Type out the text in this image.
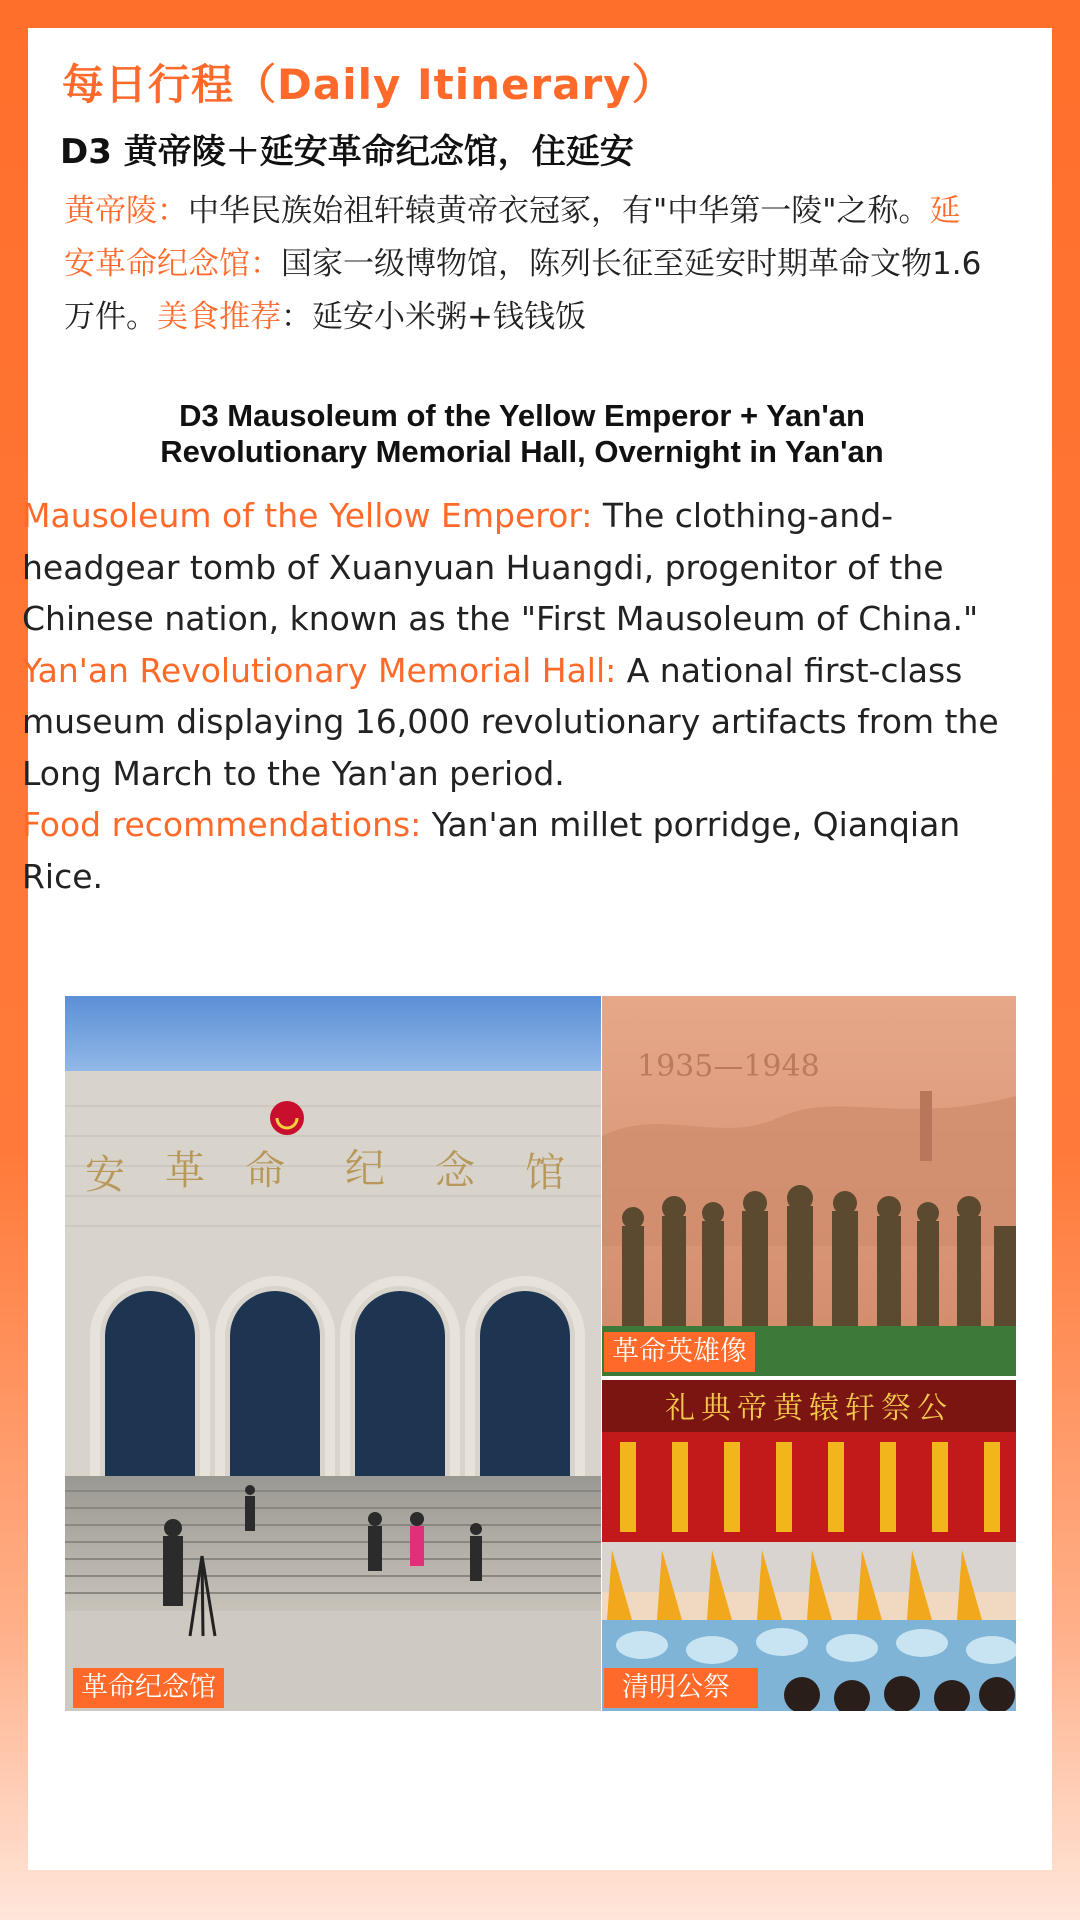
每日行程（Daily Itinerary）
D3 黄帝陵＋延安革命纪念馆，住延安

黄帝陵：中华民族始祖轩辕黄帝衣冠冢，有"中华第一陵"之称。延安革命纪念馆：国家一级博物馆，陈列长征至延安时期革命文物1.6万件。美食推荐：延安小米粥+钱钱饭

D3 Mausoleum of the Yellow Emperor + Yan'an
Revolutionary Memorial Hall, Overnight in Yan'an

Mausoleum of the Yellow Emperor: The clothing-and-headgear tomb of Xuanyuan Huangdi, progenitor of the Chinese nation, known as the "First Mausoleum of China."

Yan'an Revolutionary Memorial Hall: A national first-class museum displaying 16,000 revolutionary artifacts from the Long March to the Yan'an period.

Food recommendations: Yan'an millet porridge, Qianqian Rice.

安 革 命 纪 念 馆
1935—1948
礼典帝黄辕轩祭公
革命纪念馆
革命英雄像
清明公祭
